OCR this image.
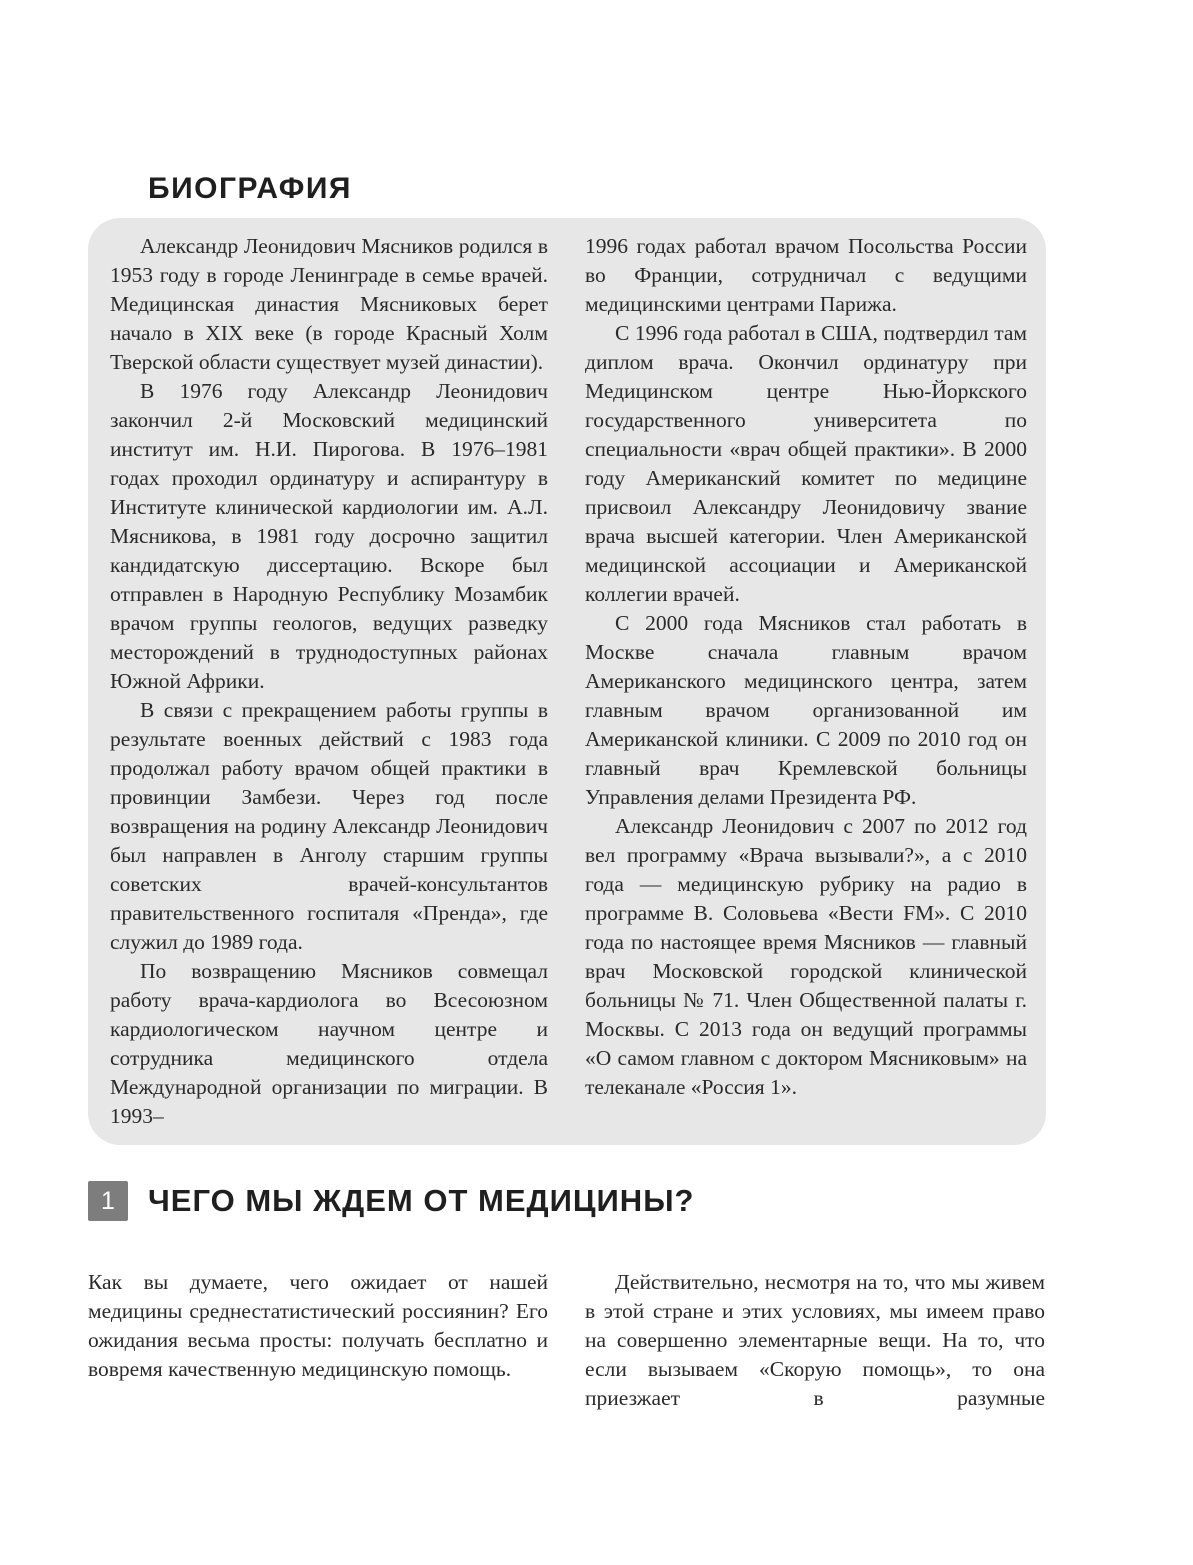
БИОГРАФИЯ

Александр Леонидович Мясников родился в 1953 году в городе Ленинграде в семье врачей. Медицинская династия Мясниковых берет начало в XIX веке (в городе Красный Холм Тверской области существует музей династии).

В 1976 году Александр Леонидович закончил 2-й Московский медицинский институт им. Н.И. Пирогова. В 1976–1981 годах проходил ординатуру и аспирантуру в Институте клинической кардиологии им. А.Л. Мясникова, в 1981 году досрочно защитил кандидатскую диссертацию. Вскоре был отправлен в Народную Республику Мозамбик врачом группы геологов, ведущих разведку месторождений в труднодоступных районах Южной Африки.

В связи с прекращением работы группы в результате военных действий с 1983 года продолжал работу врачом общей практики в провинции Замбези. Через год после возвращения на родину Александр Леонидович был направлен в Анголу старшим группы советских врачей-консультантов правительственного госпиталя «Пренда», где служил до 1989 года.

По возвращению Мясников совмещал работу врача-кардиолога во Всесоюзном кардиологическом научном центре и сотрудника медицинского отдела Международной организации по миграции. В 1993–

1996 годах работал врачом Посольства России во Франции, сотрудничал с ведущими медицинскими центрами Парижа.

С 1996 года работал в США, подтвердил там диплом врача. Окончил ординатуру при Медицинском центре Нью-Йоркского государственного университета по специальности «врач общей практики». В 2000 году Американский комитет по медицине присвоил Александру Леонидовичу звание врача высшей категории. Член Американской медицинской ассоциации и Американской коллегии врачей.

С 2000 года Мясников стал работать в Москве сначала главным врачом Американского медицинского центра, затем главным врачом организованной им Американской клиники. С 2009 по 2010 год он главный врач Кремлевской больницы Управления делами Президента РФ.

Александр Леонидович с 2007 по 2012 год вел программу «Врача вызывали?», а с 2010 года — медицинскую рубрику на радио в программе В. Соловьева «Вести FM». С 2010 года по настоящее время Мясников — главный врач Московской городской клинической больницы № 71. Член Общественной палаты г. Москвы. С 2013 года он ведущий программы «О самом главном с доктором Мясниковым» на телеканале «Россия 1».

1	ЧЕГО МЫ ЖДЕМ ОТ МЕДИЦИНЫ?

Как вы думаете, чего ожидает от нашей медицины среднестатистический россиянин? Его ожидания весьма просты: получать бесплатно и вовремя качественную медицинскую помощь.

Действительно, несмотря на то, что мы живем в этой стране и этих условиях, мы имеем право на совершенно элементарные вещи. На то, что если вызываем «Скорую помощь», то она приезжает в разумные
